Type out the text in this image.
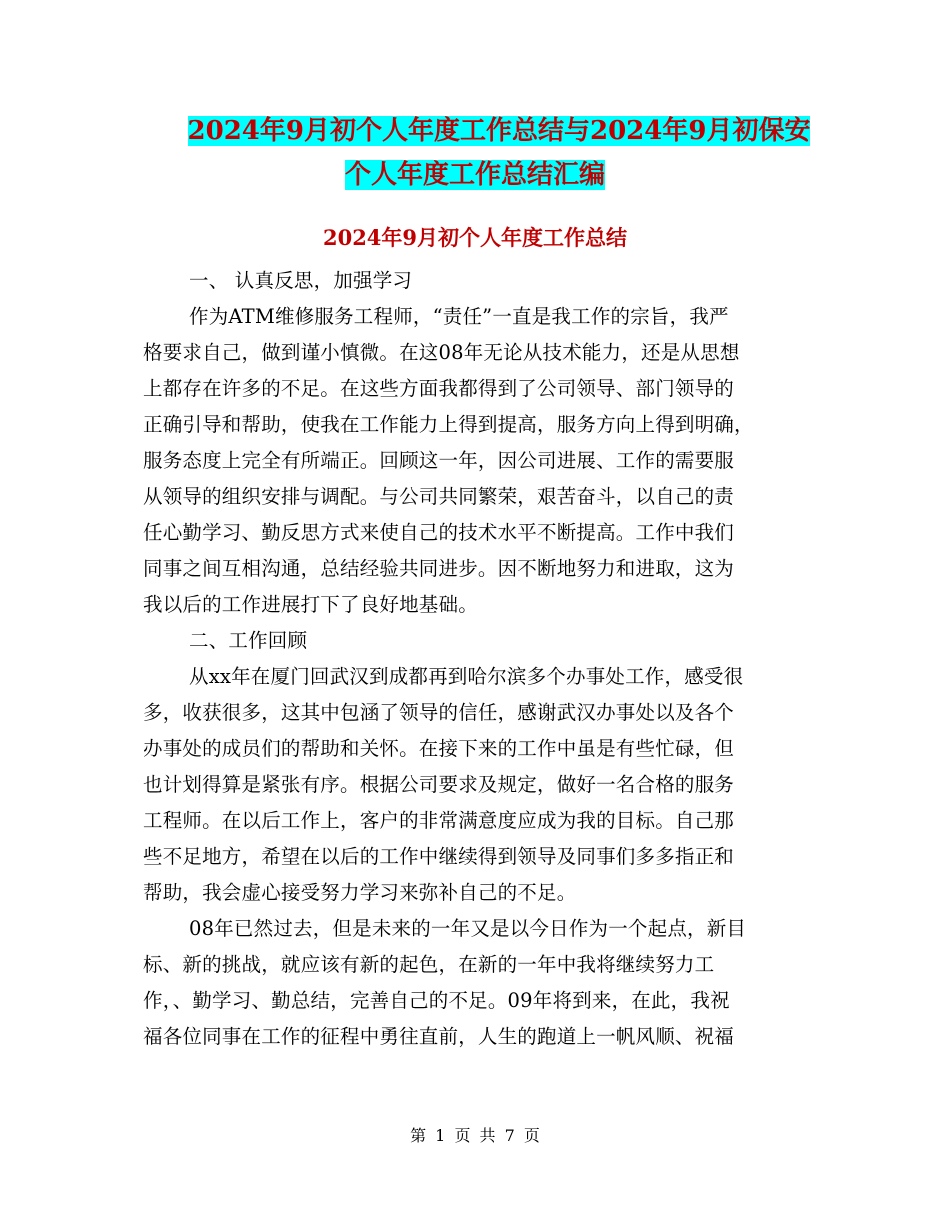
2024年9月初个人年度工作总结与2024年9月初保安
个人年度工作总结汇编
2024年9月初个人年度工作总结
一、 认真反思，加强学习
作为ATM维修服务工程师，“责任”一直是我工作的宗旨，我严
格要求自己，做到谨小慎微。在这08年无论从技术能力，还是从思想
上都存在许多的不足。在这些方面我都得到了公司领导、部门领导的
正确引导和帮助，使我在工作能力上得到提高，服务方向上得到明确，
服务态度上完全有所端正。回顾这一年，因公司进展、工作的需要服
从领导的组织安排与调配。与公司共同繁荣，艰苦奋斗，以自己的责
任心勤学习、勤反思方式来使自己的技术水平不断提高。工作中我们
同事之间互相沟通，总结经验共同进步。因不断地努力和进取，这为
我以后的工作进展打下了良好地基础。
二、工作回顾
从xx年在厦门回武汉到成都再到哈尔滨多个办事处工作，感受很
多，收获很多，这其中包涵了领导的信任，感谢武汉办事处以及各个
办事处的成员们的帮助和关怀。在接下来的工作中虽是有些忙碌，但
也计划得算是紧张有序。根据公司要求及规定，做好一名合格的服务
工程师。在以后工作上，客户的非常满意度应成为我的目标。自己那
些不足地方，希望在以后的工作中继续得到领导及同事们多多指正和
帮助，我会虚心接受努力学习来弥补自己的不足。
08年已然过去，但是未来的一年又是以今日作为一个起点，新目
标、新的挑战，就应该有新的起色，在新的一年中我将继续努力工
作，、勤学习、勤总结，完善自己的不足。09年将到来，在此，我祝
福各位同事在工作的征程中勇往直前，人生的跑道上一帆风顺、祝福
第 1 页 共 7 页
